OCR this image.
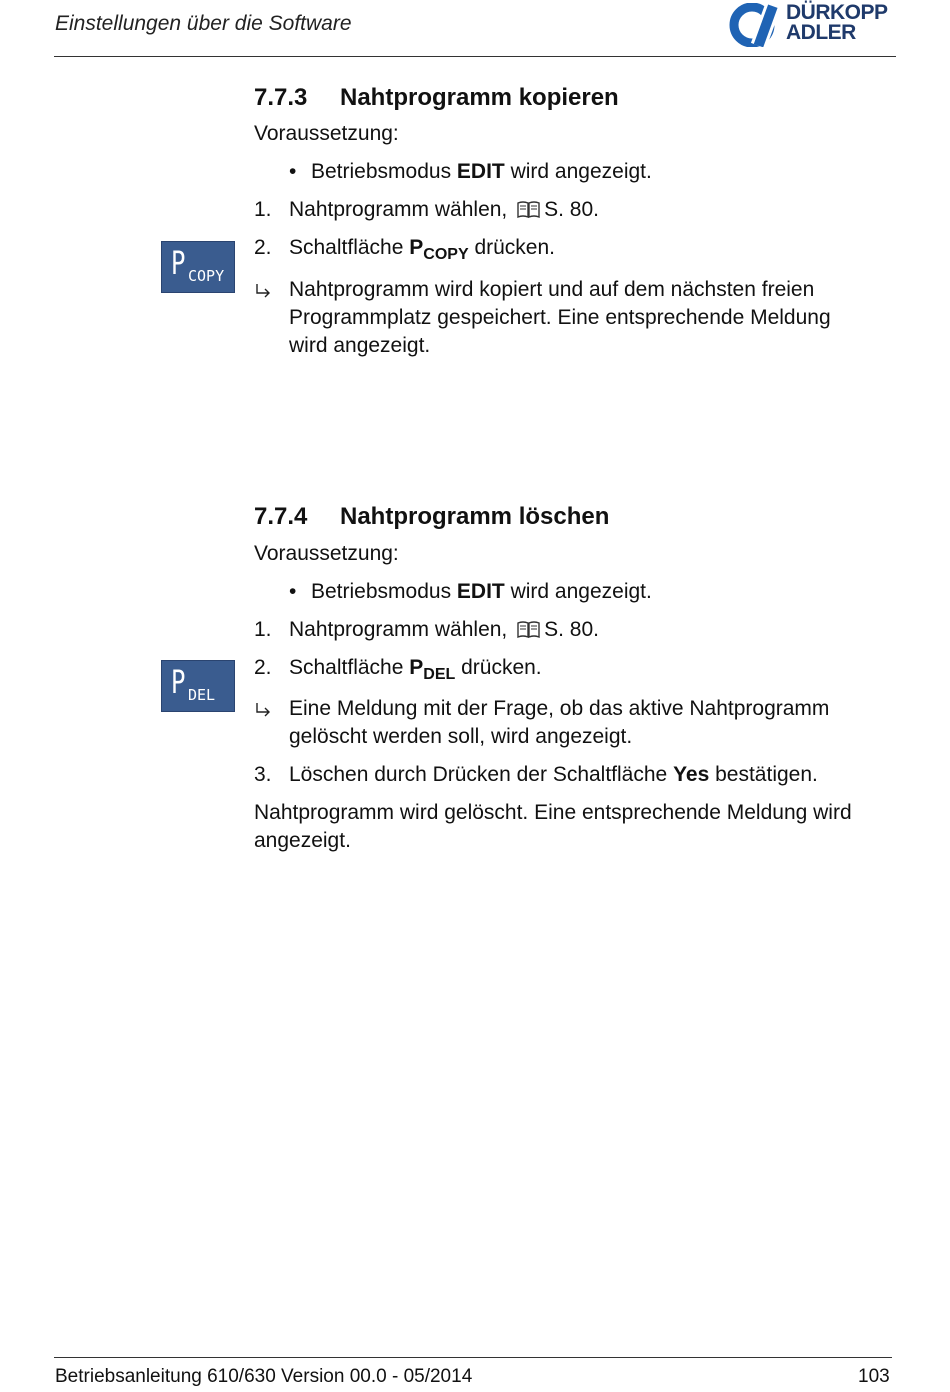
Einstellungen über die Software	DÜRKOPP
ADLER
7.7.3 Nahtprogramm kopieren
Voraussetzung:
• Betriebsmodus EDIT wird angezeigt.
1. Nahtprogramm wählen, S. 80.
2. Schaltfläche $P_{COPY}$ drücken.
P COPY
Nahtprogramm wird kopiert und auf dem nächsten freien
Programmplatz gespeichert. Eine entsprechende Meldung
wird angezeigt.
7.7.4 Nahtprogramm löschen
Voraussetzung:
• Betriebsmodus EDIT wird angezeigt.
1. Nahtprogramm wählen, S. 80.
2. Schaltfläche $P_{DEL}$ drücken.
P DEL
Eine Meldung mit der Frage, ob das aktive Nahtprogramm
gelöscht werden soll, wird angezeigt.
3. Löschen durch Drücken der Schaltfläche Yes bestätigen.
Nahtprogramm wird gelöscht. Eine entsprechende Meldung wird
angezeigt.
Betriebsanleitung 610/630 Version 00.0 - 05/2014	103
